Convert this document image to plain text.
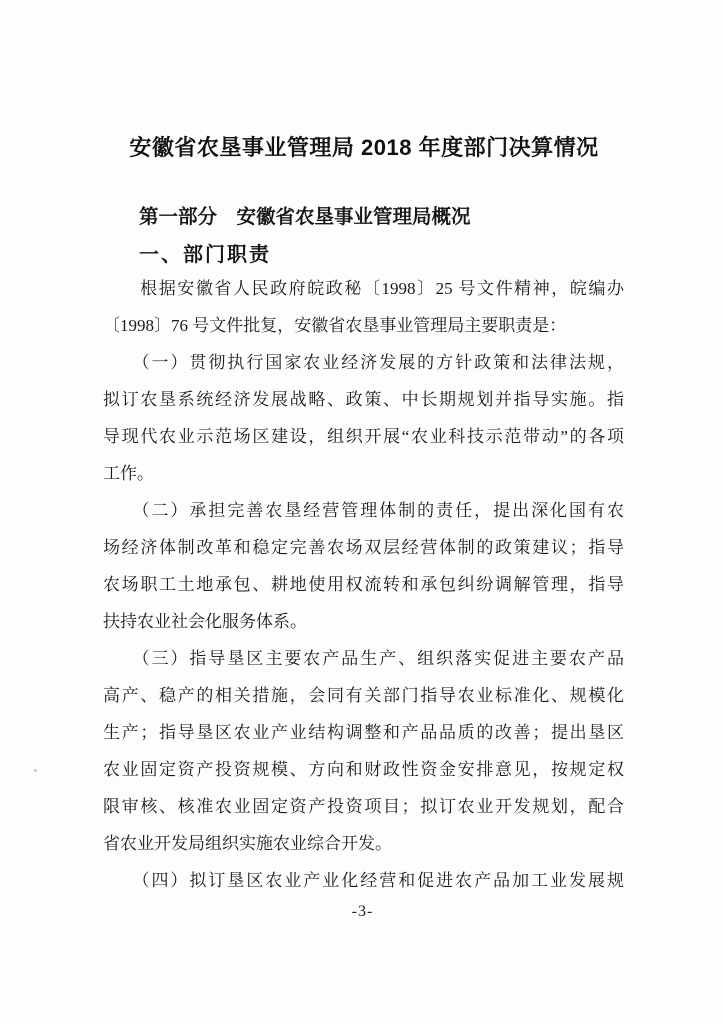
安徽省农垦事业管理局 2018 年度部门决算情况
第一部分　安徽省农垦事业管理局概况
一、部门职责
　　根据安徽省人民政府皖政秘〔1998〕25 号文件精神，皖编办
〔1998〕76 号文件批复，安徽省农垦事业管理局主要职责是：
　　（一）贯彻执行国家农业经济发展的方针政策和法律法规，
拟订农垦系统经济发展战略、政策、中长期规划并指导实施。指
导现代农业示范场区建设，组织开展“农业科技示范带动”的各项
工作。
　　（二）承担完善农垦经营管理体制的责任，提出深化国有农
场经济体制改革和稳定完善农场双层经营体制的政策建议；指导
农场职工土地承包、耕地使用权流转和承包纠纷调解管理，指导
扶持农业社会化服务体系。
　　（三）指导垦区主要农产品生产、组织落实促进主要农产品
高产、稳产的相关措施，会同有关部门指导农业标准化、规模化
生产；指导垦区农业产业结构调整和产品品质的改善；提出垦区
农业固定资产投资规模、方向和财政性资金安排意见，按规定权
限审核、核准农业固定资产投资项目；拟订农业开发规划，配合
省农业开发局组织实施农业综合开发。
　　（四）拟订垦区农业产业化经营和促进农产品加工业发展规
-3-
